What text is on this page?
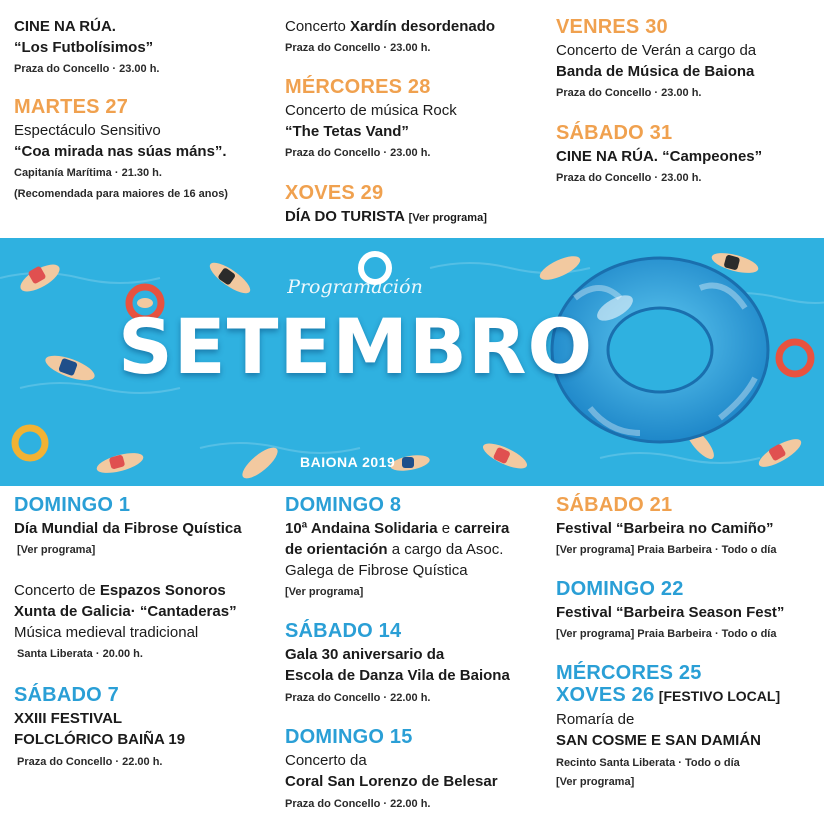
CINE NA RÚA.
“Los Futbolísimos”
Praza do Concello · 23.00 h.
MARTES 27
Espectáculo Sensitivo
“Coa mirada nas súas máns”.
Capitanía Marítima · 21.30 h.
(Recomendada para maiores de 16 anos)
Concerto Xardín desordenado
Praza do Concello · 23.00 h.
MÉRCORES 28
Concerto de música Rock
“The Tetas Vand”
Praza do Concello · 23.00 h.
XOVES 29
DÍA DO TURISTA [Ver programa]
VENRES 30
Concerto de Verán a cargo da
Banda de Música de Baiona
Praza do Concello · 23.00 h.
SÁBADO 31
CINE NA RÚA. “Campeones”
Praza do Concello · 23.00 h.
Programación
SETEMBRO
BAIONA 2019
DOMINGO 1
Día Mundial da Fibrose Quística
[Ver programa]
Concerto de Espazos Sonoros
Xunta de Galicia· “Cantaderas”
Música medieval tradicional
Santa Liberata · 20.00 h.
SÁBADO 7
XXIII FESTIVAL
FOLCLÓRICO BAIÑA 19
Praza do Concello · 22.00 h.
DOMINGO 8
10ª Andaina Solidaria e carreira
de orientación a cargo da Asoc.
Galega de Fibrose Quística
[Ver programa]
SÁBADO 14
Gala 30 aniversario da
Escola de Danza Vila de Baiona
Praza do Concello · 22.00 h.
DOMINGO 15
Concerto da
Coral San Lorenzo de Belesar
Praza do Concello · 22.00 h.
SÁBADO 21
Festival “Barbeira no Camiño”
[Ver programa] Praia Barbeira · Todo o día
DOMINGO 22
Festival “Barbeira Season Fest”
[Ver programa] Praia Barbeira · Todo o día
MÉRCORES 25
XOVES 26 [FESTIVO LOCAL]
Romaría de
SAN COSME E SAN DAMIÁN
Recinto Santa Liberata · Todo o día
[Ver programa]
